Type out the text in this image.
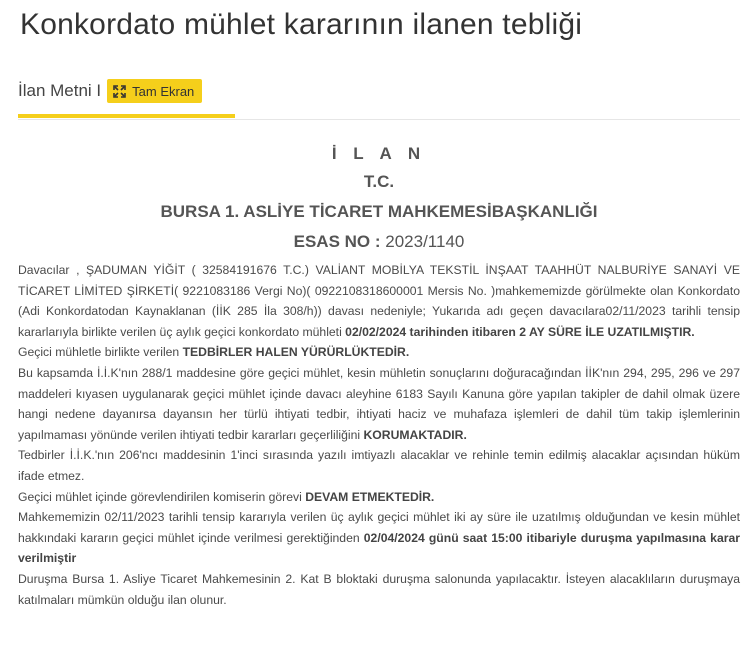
Konkordato mühlet kararının ilanen tebliği
İlan Metni I Tam Ekran

İ L A N

T.C.

BURSA 1. ASLİYE TİCARET MAHKEMESİBAŞKANLIĞI

ESAS NO : 2023/1140

Davacılar , ŞADUMAN YİĞİT ( 32584191676 T.C.) VALİANT MOBİLYA TEKSTİL İNŞAAT TAAHHÜT NALBURİYE SANAYİ VE TİCARET LİMİTED ŞİRKETİ( 9221083186 Vergi No)( 0922108318600001 Mersis No. )mahkememizde görülmekte olan Konkordato (Adi Konkordatodan Kaynaklanan (İİK 285 İla 308/h)) davası nedeniyle; Yukarıda adı geçen davacılara02/11/2023 tarihli tensip kararlarıyla birlikte verilen üç aylık geçici konkordato mühleti 02/02/2024 tarihinden itibaren 2 AY SÜRE İLE UZATILMIŞTIR.

Geçici mühletle birlikte verilen TEDBİRLER HALEN YÜRÜRLÜKTEDİR.

Bu kapsamda İ.İ.K'nın 288/1 maddesine göre geçici mühlet, kesin mühletin sonuçlarını doğuracağından İİK'nın 294, 295, 296 ve 297 maddeleri kıyasen uygulanarak geçici mühlet içinde davacı aleyhine 6183 Sayılı Kanuna göre yapılan takipler de dahil olmak üzere hangi nedene dayanırsa dayansın her türlü ihtiyati tedbir, ihtiyati haciz ve muhafaza işlemleri de dahil tüm takip işlemlerinin yapılmaması yönünde verilen ihtiyati tedbir kararları geçerliliğini KORUMAKTADIR.

Tedbirler İ.İ.K.'nın 206'ncı maddesinin 1'inci sırasında yazılı imtiyazlı alacaklar ve rehinle temin edilmiş alacaklar açısından hüküm ifade etmez.

Geçici mühlet içinde görevlendirilen komiserin görevi DEVAM ETMEKTEDİR.

Mahkememizin 02/11/2023 tarihli tensip kararıyla verilen üç aylık geçici mühlet iki ay süre ile uzatılmış olduğundan ve kesin mühlet hakkındaki kararın geçici mühlet içinde verilmesi gerektiğinden 02/04/2024 günü saat 15:00 itibariyle duruşma yapılmasına karar verilmiştir

Duruşma Bursa 1. Asliye Ticaret Mahkemesinin 2. Kat B bloktaki duruşma salonunda yapılacaktır. İsteyen alacaklıların duruşmaya katılmaları mümkün olduğu ilan olunur.
